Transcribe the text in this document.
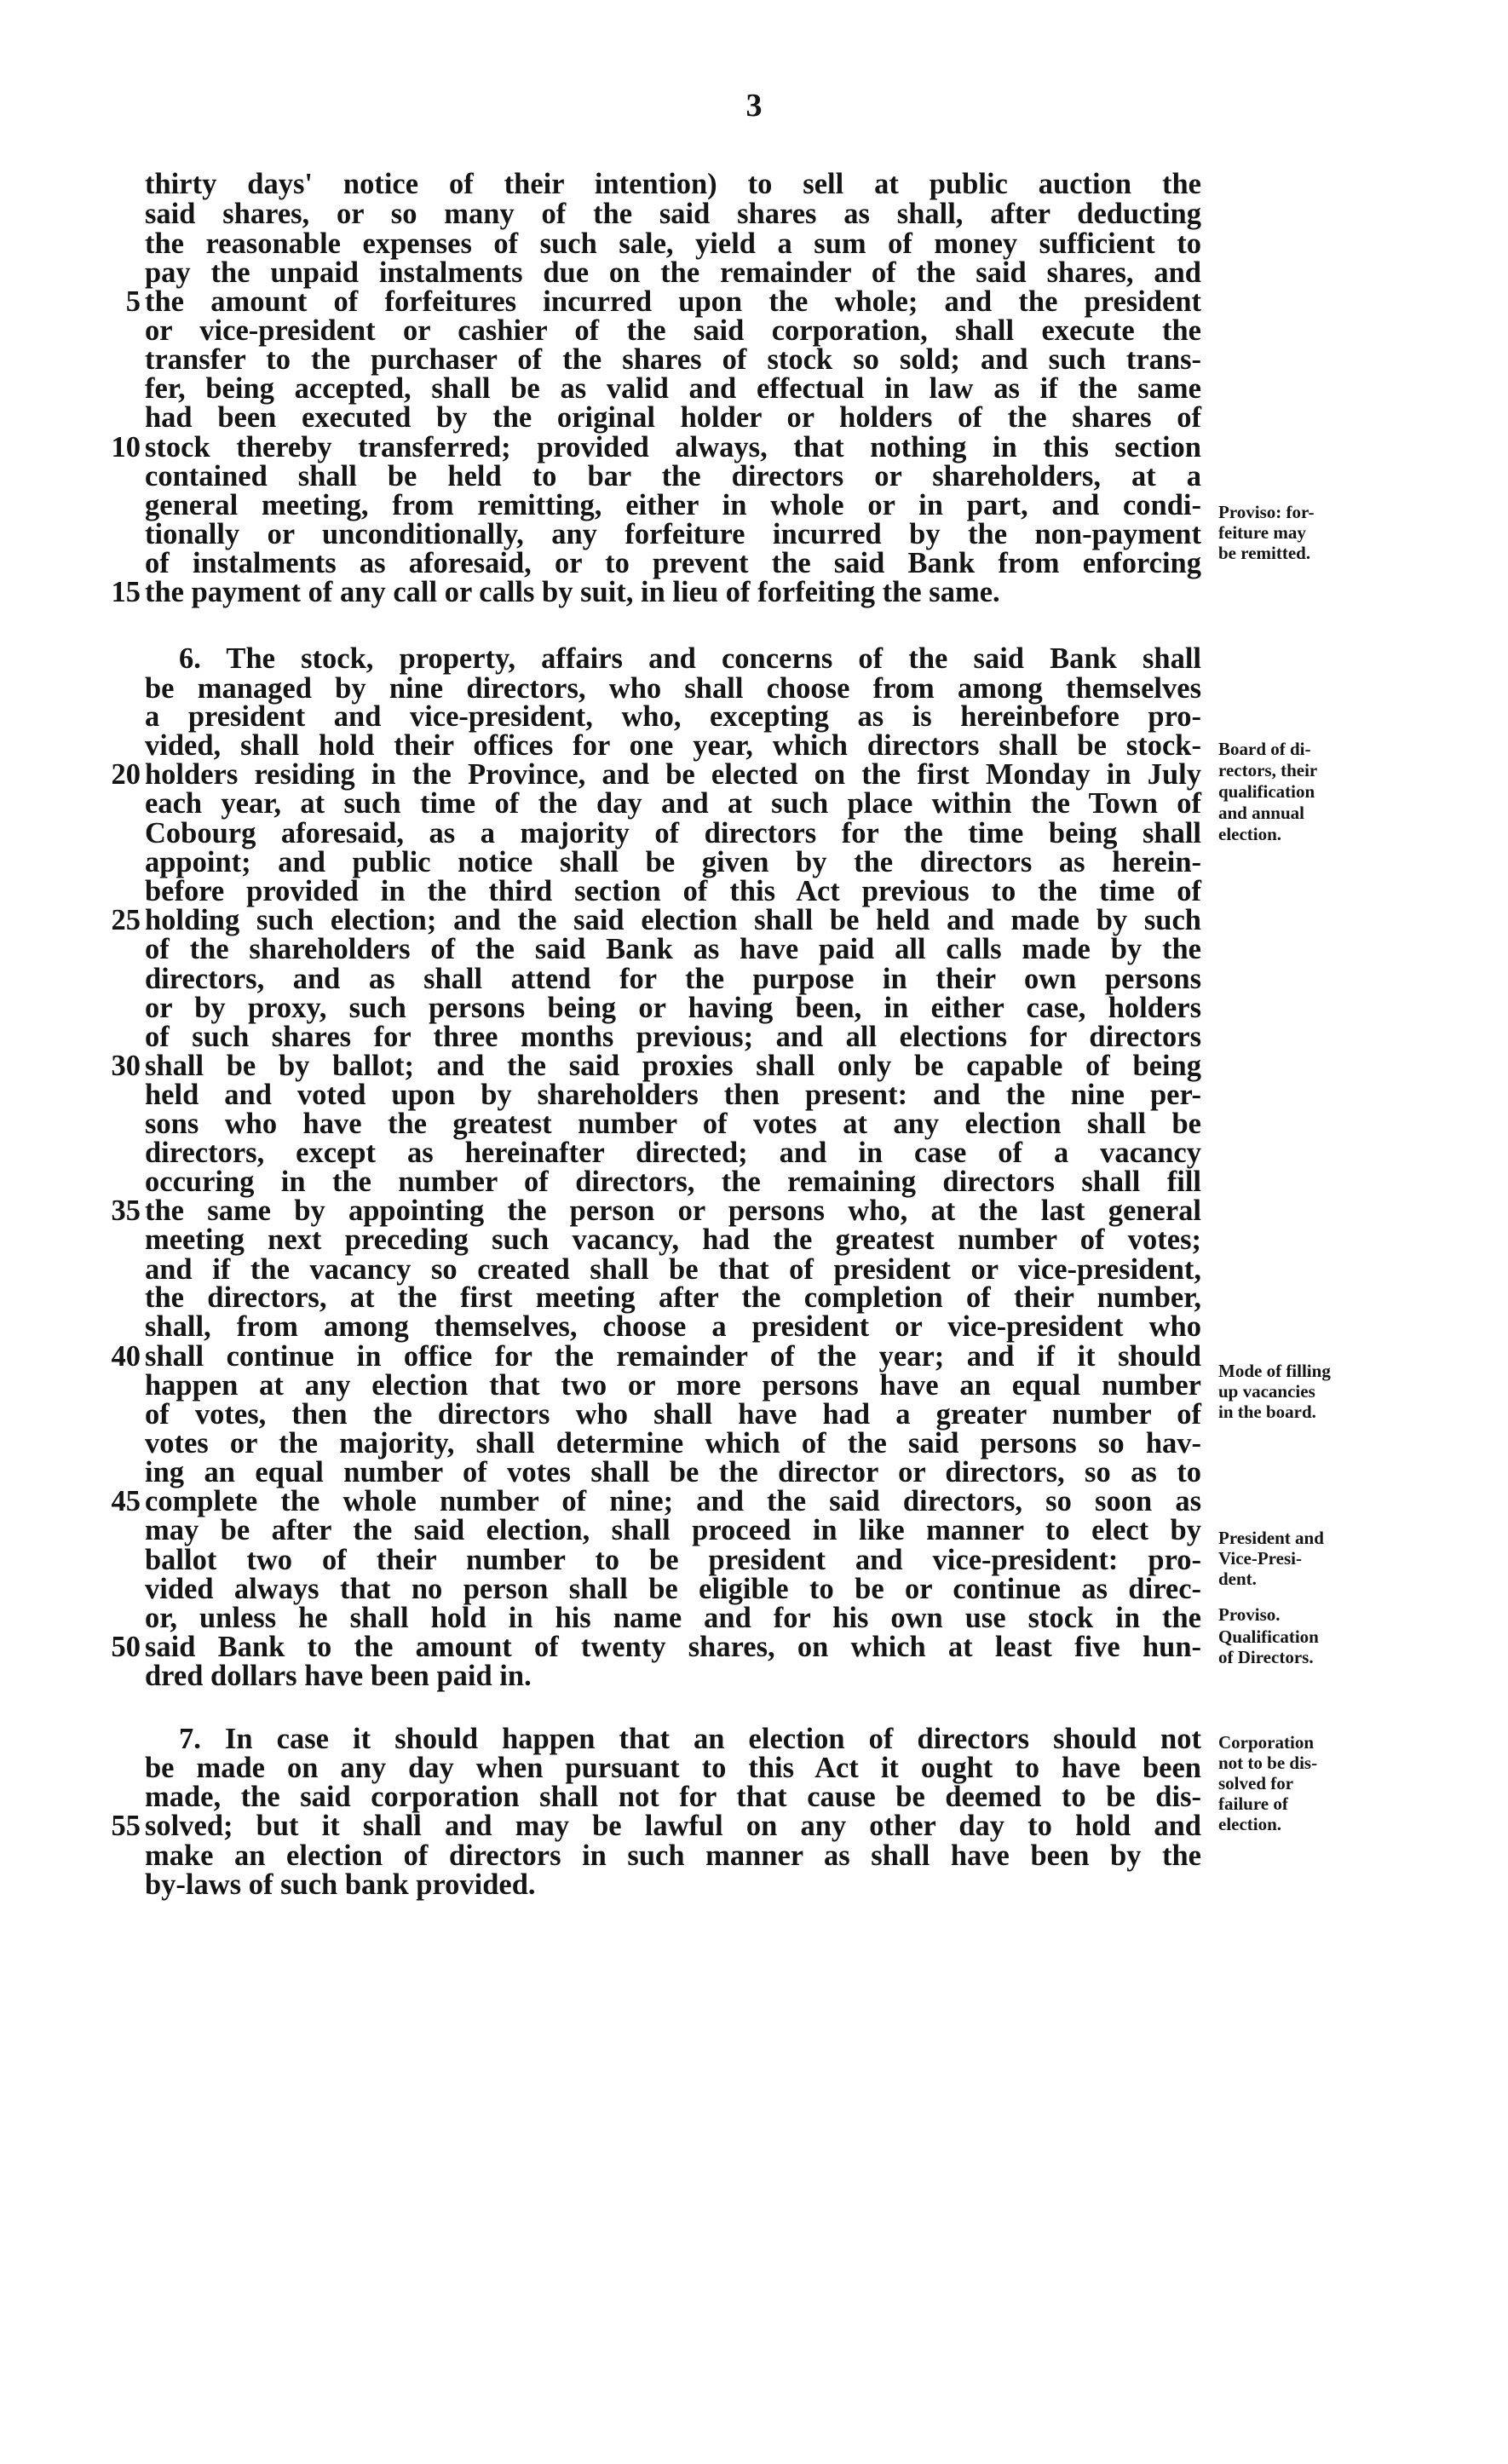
3
thirty days' notice of their intention) to sell at public auction the
said shares, or so many of the said shares as shall, after deducting
the reasonable expenses of such sale, yield a sum of money sufficient to
pay the unpaid instalments due on the remainder of the said shares, and
the amount of forfeitures incurred upon the whole; and the president
5
or vice-president or cashier of the said corporation, shall execute the
transfer to the purchaser of the shares of stock so sold; and such trans-
fer, being accepted, shall be as valid and effectual in law as if the same
had been executed by the original holder or holders of the shares of
stock thereby transferred; provided always, that nothing in this section
10
contained shall be held to bar the directors or shareholders, at a
general meeting, from remitting, either in whole or in part, and condi-
tionally or unconditionally, any forfeiture incurred by the non-payment
of instalments as aforesaid, or to prevent the said Bank from enforcing
the payment of any call or calls by suit, in lieu of forfeiting the same.
15
6. The stock, property, affairs and concerns of the said Bank shall
be managed by nine directors, who shall choose from among themselves
a president and vice-president, who, excepting as is hereinbefore pro-
vided, shall hold their offices for one year, which directors shall be stock-
holders residing in the Province, and be elected on the first Monday in July
20
each year, at such time of the day and at such place within the Town of
Cobourg aforesaid, as a majority of directors for the time being shall
appoint; and public notice shall be given by the directors as herein-
before provided in the third section of this Act previous to the time of
holding such election; and the said election shall be held and made by such
25
of the shareholders of the said Bank as have paid all calls made by the
directors, and as shall attend for the purpose in their own persons
or by proxy, such persons being or having been, in either case, holders
of such shares for three months previous; and all elections for directors
shall be by ballot; and the said proxies shall only be capable of being
30
held and voted upon by shareholders then present: and the nine per-
sons who have the greatest number of votes at any election shall be
directors, except as hereinafter directed; and in case of a vacancy
occuring in the number of directors, the remaining directors shall fill
the same by appointing the person or persons who, at the last general
35
meeting next preceding such vacancy, had the greatest number of votes;
and if the vacancy so created shall be that of president or vice-president,
the directors, at the first meeting after the completion of their number,
shall, from among themselves, choose a president or vice-president who
shall continue in office for the remainder of the year; and if it should
40
happen at any election that two or more persons have an equal number
of votes, then the directors who shall have had a greater number of
votes or the majority, shall determine which of the said persons so hav-
ing an equal number of votes shall be the director or directors, so as to
complete the whole number of nine; and the said directors, so soon as
45
may be after the said election, shall proceed in like manner to elect by
ballot two of their number to be president and vice-president: pro-
vided always that no person shall be eligible to be or continue as direc-
or, unless he shall hold in his name and for his own use stock in the
said Bank to the amount of twenty shares, on which at least five hun-
50
dred dollars have been paid in.
7. In case it should happen that an election of directors should not
be made on any day when pursuant to this Act it ought to have been
made, the said corporation shall not for that cause be deemed to be dis-
solved; but it shall and may be lawful on any other day to hold and
55
make an election of directors in such manner as shall have been by the
by-laws of such bank provided.
Proviso: for-
feiture may
be remitted.
Board of di-
rectors, their
qualification
and annual
election.
Mode of filling
up vacancies
in the board.
President and
Vice-Presi-
dent.
Proviso.
Qualification
of Directors.
Corporation
not to be dis-
solved for
failure of
election.
